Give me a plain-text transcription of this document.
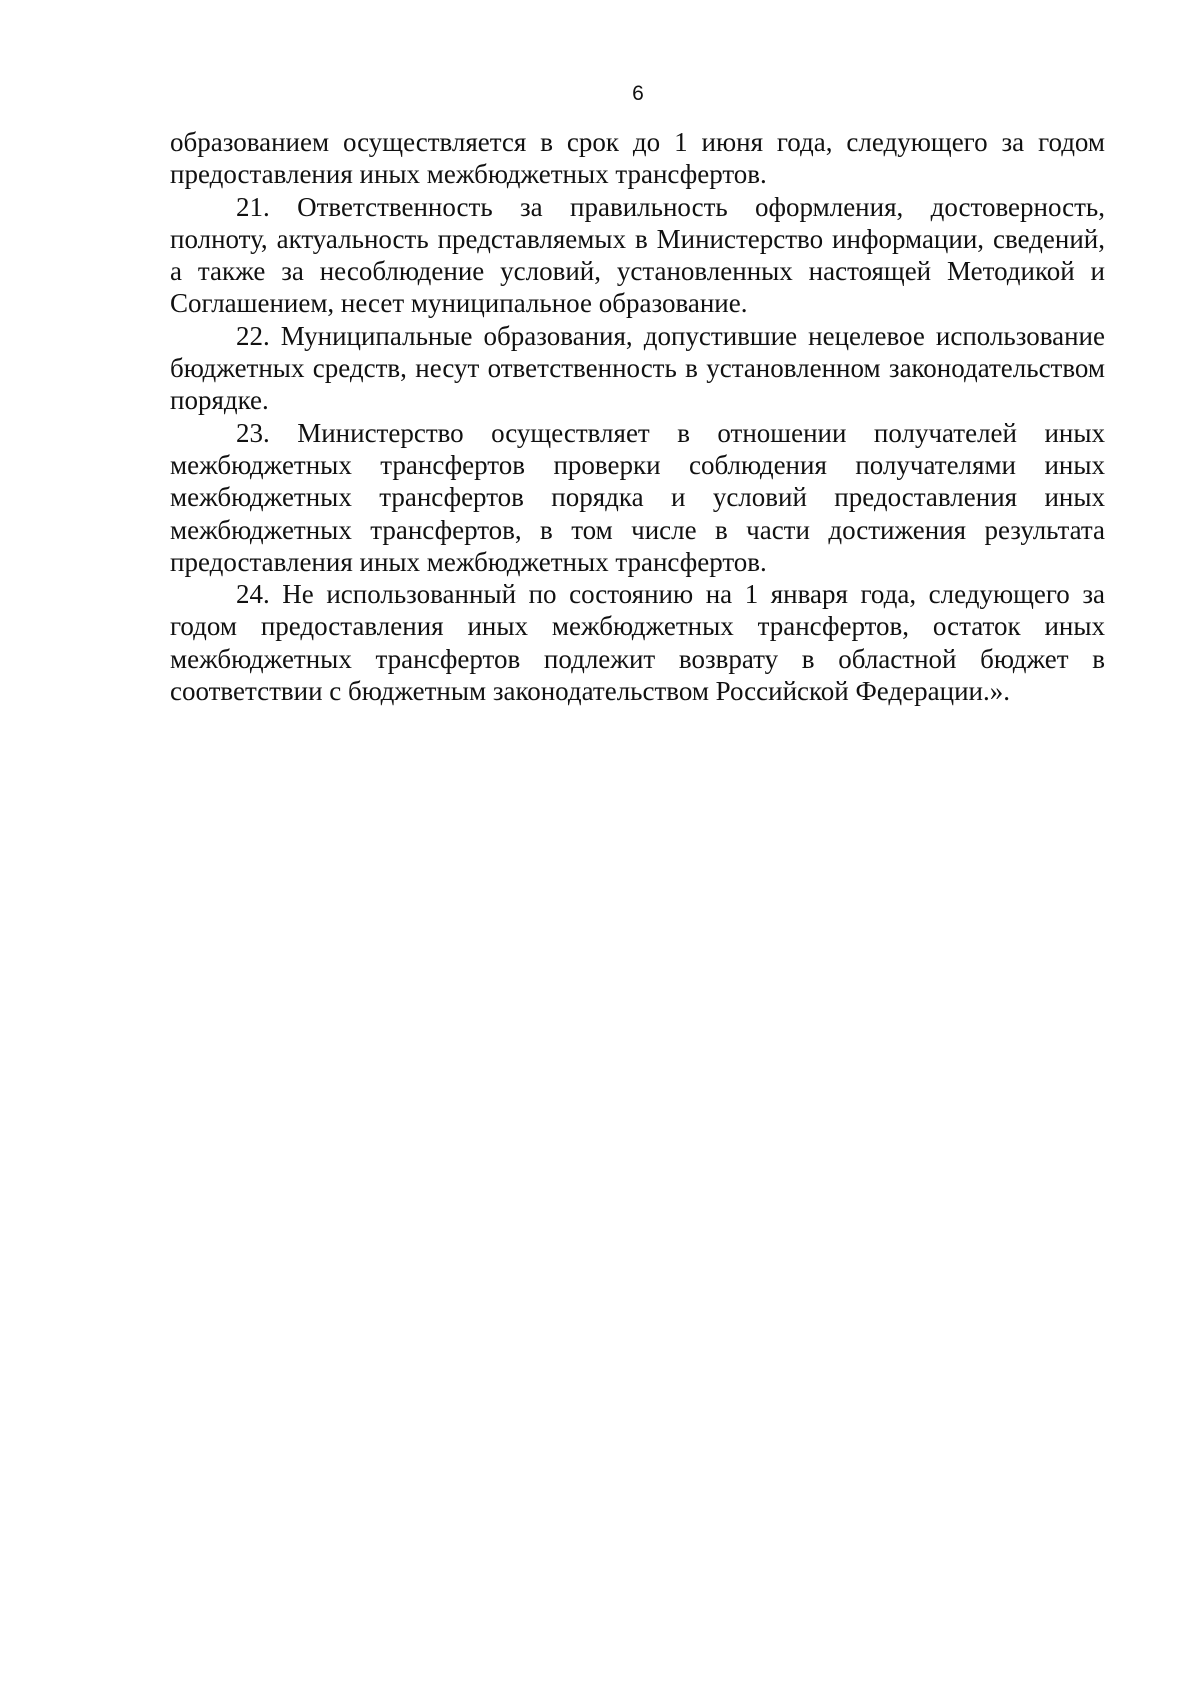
6

образованием осуществляется в срок до 1 июня года, следующего за годом предоставления иных межбюджетных трансфертов.

21. Ответственность за правильность оформления, достоверность, полноту, актуальность представляемых в Министерство информации, сведений, а также за несоблюдение условий, установленных настоящей Методикой и Соглашением, несет муниципальное образование.

22. Муниципальные образования, допустившие нецелевое использование бюджетных средств, несут ответственность в установленном законодательством порядке.

23. Министерство осуществляет в отношении получателей иных межбюджетных трансфертов проверки соблюдения получателями иных межбюджетных трансфертов порядка и условий предоставления иных межбюджетных трансфертов, в том числе в части достижения результата предоставления иных межбюджетных трансфертов.

24. Не использованный по состоянию на 1 января года, следующего за годом предоставления иных межбюджетных трансфертов, остаток иных межбюджетных трансфертов подлежит возврату в областной бюджет в соответствии с бюджетным законодательством Российской Федерации.».
